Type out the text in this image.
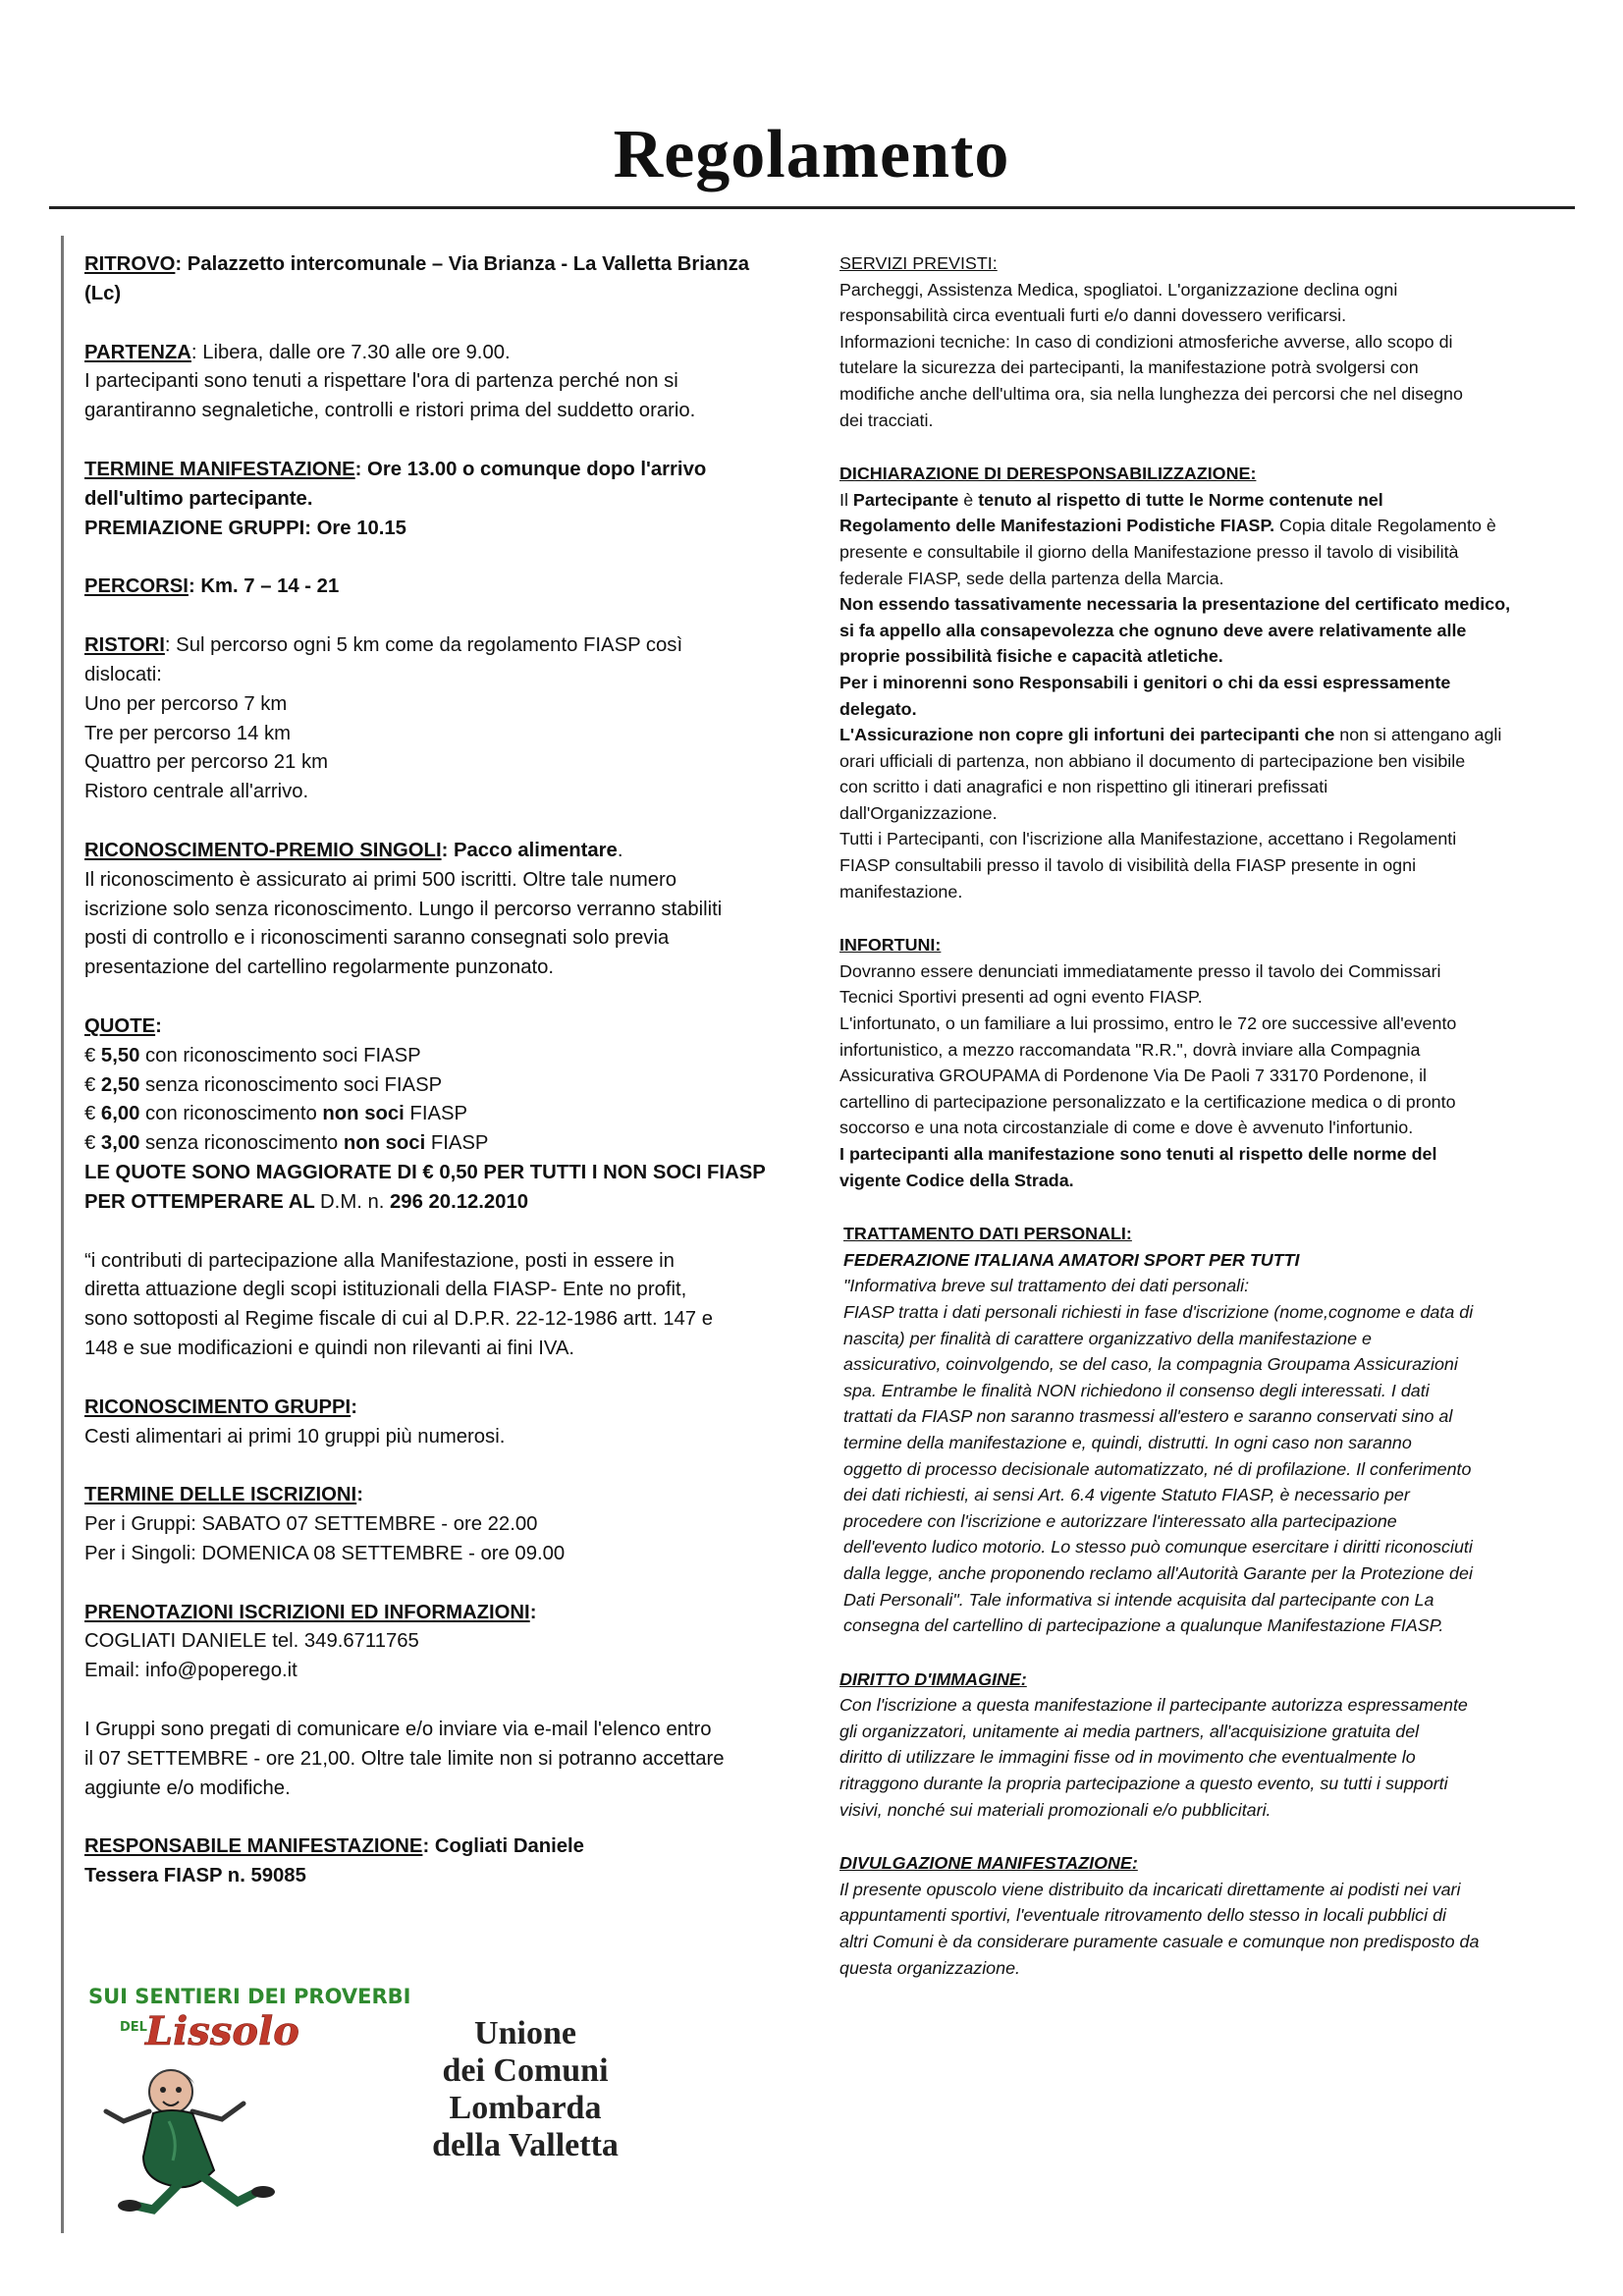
Regolamento
RITROVO: Palazzetto intercomunale – Via Brianza - La Valletta Brianza
(Lc)
PARTENZA: Libera, dalle ore 7.30 alle ore 9.00.
I partecipanti sono tenuti a rispettare l'ora di partenza perché non si
garantiranno segnaletiche, controlli e ristori prima del suddetto orario.
TERMINE MANIFESTAZIONE: Ore 13.00 o comunque dopo l'arrivo
dell'ultimo partecipante.
PREMIAZIONE GRUPPI: Ore 10.15
PERCORSI: Km. 7 – 14 - 21
RISTORI: Sul percorso ogni 5 km come da regolamento FIASP così
dislocati:
Uno per percorso 7 km
Tre per percorso 14 km
Quattro per percorso 21 km
Ristoro centrale all'arrivo.
RICONOSCIMENTO-PREMIO SINGOLI: Pacco alimentare.
Il riconoscimento è assicurato ai primi 500 iscritti. Oltre tale numero
iscrizione solo senza riconoscimento. Lungo il percorso verranno stabiliti
posti di controllo e i riconoscimenti saranno consegnati solo previa
presentazione del cartellino regolarmente punzonato.
QUOTE:
€ 5,50 con riconoscimento soci FIASP
€ 2,50 senza riconoscimento soci FIASP
€ 6,00 con riconoscimento non soci FIASP
€ 3,00 senza riconoscimento non soci FIASP
LE QUOTE SONO MAGGIORATE DI € 0,50 PER TUTTI I NON SOCI FIASP
PER OTTEMPERARE AL D.M. n. 296 20.12.2010
“i contributi di partecipazione alla Manifestazione, posti in essere in
diretta attuazione degli scopi istituzionali della FIASP- Ente no profit,
sono sottoposti al Regime fiscale di cui al D.P.R. 22-12-1986 artt. 147 e
148 e sue modificazioni e quindi non rilevanti ai fini IVA.
RICONOSCIMENTO GRUPPI:
Cesti alimentari ai primi 10 gruppi più numerosi.
TERMINE DELLE ISCRIZIONI:
Per i Gruppi: SABATO 07 SETTEMBRE - ore 22.00
Per i Singoli: DOMENICA 08 SETTEMBRE - ore 09.00
PRENOTAZIONI ISCRIZIONI ED INFORMAZIONI:
COGLIATI DANIELE tel. 349.6711765
Email: info@poperego.it
I Gruppi sono pregati di comunicare e/o inviare via e-mail l'elenco entro
il 07 SETTEMBRE - ore 21,00. Oltre tale limite non si potranno accettare
aggiunte e/o modifiche.
RESPONSABILE MANIFESTAZIONE: Cogliati Daniele
Tessera FIASP n. 59085
SERVIZI PREVISTI:
Parcheggi, Assistenza Medica, spogliatoi. L'organizzazione declina ogni
responsabilità circa eventuali furti e/o danni dovessero verificarsi.
Informazioni tecniche: In caso di condizioni atmosferiche avverse, allo scopo di
tutelare la sicurezza dei partecipanti, la manifestazione potrà svolgersi con
modifiche anche dell'ultima ora, sia nella lunghezza dei percorsi che nel disegno
dei tracciati.
DICHIARAZIONE DI DERESPONSABILIZZAZIONE:
Il Partecipante è tenuto al rispetto di tutte le Norme contenute nel
Regolamento delle Manifestazioni Podistiche FIASP. Copia ditale Regolamento è
presente e consultabile il giorno della Manifestazione presso il tavolo di visibilità
federale FIASP, sede della partenza della Marcia.
Non essendo tassativamente necessaria la presentazione del certificato medico,
si fa appello alla consapevolezza che ognuno deve avere relativamente alle
proprie possibilità fisiche e capacità atletiche.
Per i minorenni sono Responsabili i genitori o chi da essi espressamente
delegato.
L'Assicurazione non copre gli infortuni dei partecipanti che non si attengano agli
orari ufficiali di partenza, non abbiano il documento di partecipazione ben visibile
con scritto i dati anagrafici e non rispettino gli itinerari prefissati
dall'Organizzazione.
Tutti i Partecipanti, con l'iscrizione alla Manifestazione, accettano i Regolamenti
FIASP consultabili presso il tavolo di visibilità della FIASP presente in ogni
manifestazione.
INFORTUNI:
Dovranno essere denunciati immediatamente presso il tavolo dei Commissari
Tecnici Sportivi presenti ad ogni evento FIASP.
L'infortunato, o un familiare a lui prossimo, entro le 72 ore successive all'evento
infortunistico, a mezzo raccomandata "R.R.", dovrà inviare alla Compagnia
Assicurativa GROUPAMA di Pordenone Via De Paoli 7 33170 Pordenone, il
cartellino di partecipazione personalizzato e la certificazione medica o di pronto
soccorso e una nota circostanziale di come e dove è avvenuto l'infortunio.
I partecipanti alla manifestazione sono tenuti al rispetto delle norme del
vigente Codice della Strada.
TRATTAMENTO DATI PERSONALI:
FEDERAZIONE ITALIANA AMATORI SPORT PER TUTTI
"Informativa breve sul trattamento dei dati personali:
FIASP tratta i dati personali richiesti in fase d'iscrizione (nome,cognome e data di
nascita) per finalità di carattere organizzativo della manifestazione e
assicurativo, coinvolgendo, se del caso, la compagnia Groupama Assicurazioni
spa. Entrambe le finalità NON richiedono il consenso degli interessati. I dati
trattati da FIASP non saranno trasmessi all'estero e saranno conservati sino al
termine della manifestazione e, quindi, distrutti. In ogni caso non saranno
oggetto di processo decisionale automatizzato, né di profilazione. Il conferimento
dei dati richiesti, ai sensi Art. 6.4 vigente Statuto FIASP, è necessario per
procedere con l'iscrizione e autorizzare l'interessato alla partecipazione
dell'evento ludico motorio. Lo stesso può comunque esercitare i diritti riconosciuti
dalla legge, anche proponendo reclamo all'Autorità Garante per la Protezione dei
Dati Personali". Tale informativa si intende acquisita dal partecipante con La
consegna del cartellino di partecipazione a qualunque Manifestazione FIASP.
DIRITTO D'IMMAGINE:
Con l'iscrizione a questa manifestazione il partecipante autorizza espressamente
gli organizzatori, unitamente ai media partners, all'acquisizione gratuita del
diritto di utilizzare le immagini fisse od in movimento che eventualmente lo
ritraggono durante la propria partecipazione a questo evento, su tutti i supporti
visivi, nonché sui materiali promozionali e/o pubblicitari.
DIVULGAZIONE MANIFESTAZIONE:
Il presente opuscolo viene distribuito da incaricati direttamente ai podisti nei vari
appuntamenti sportivi, l'eventuale ritrovamento dello stesso in locali pubblici di
altri Comuni è da considerare puramente casuale e comunque non predisposto da
questa organizzazione.
SUI SENTIERI DEI PROVERBI
DEL
Lissolo	Unione
dei Comuni
Lombarda
della Valletta
